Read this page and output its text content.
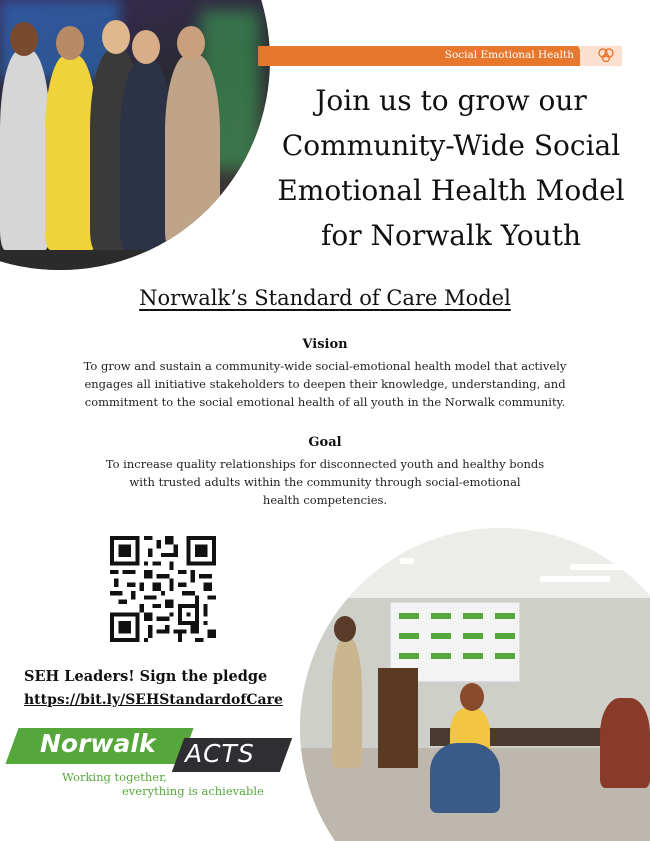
Social Emotional Health
Join us to grow our
Community-Wide Social
Emotional Health Model
for Norwalk Youth
Norwalk’s Standard of Care Model
Vision
To grow and sustain a community-wide social-emotional health model that actively
engages all initiative stakeholders to deepen their knowledge, understanding, and
commitment to the social emotional health of all youth in the Norwalk community.
Goal
To increase quality relationships for disconnected youth and healthy bonds
with trusted adults within the community through social-emotional
health competencies.
SEH Leaders! Sign the pledge
https://bit.ly/SEHStandardofCare
Norwalk ACTS
Working together,
everything is achievable
